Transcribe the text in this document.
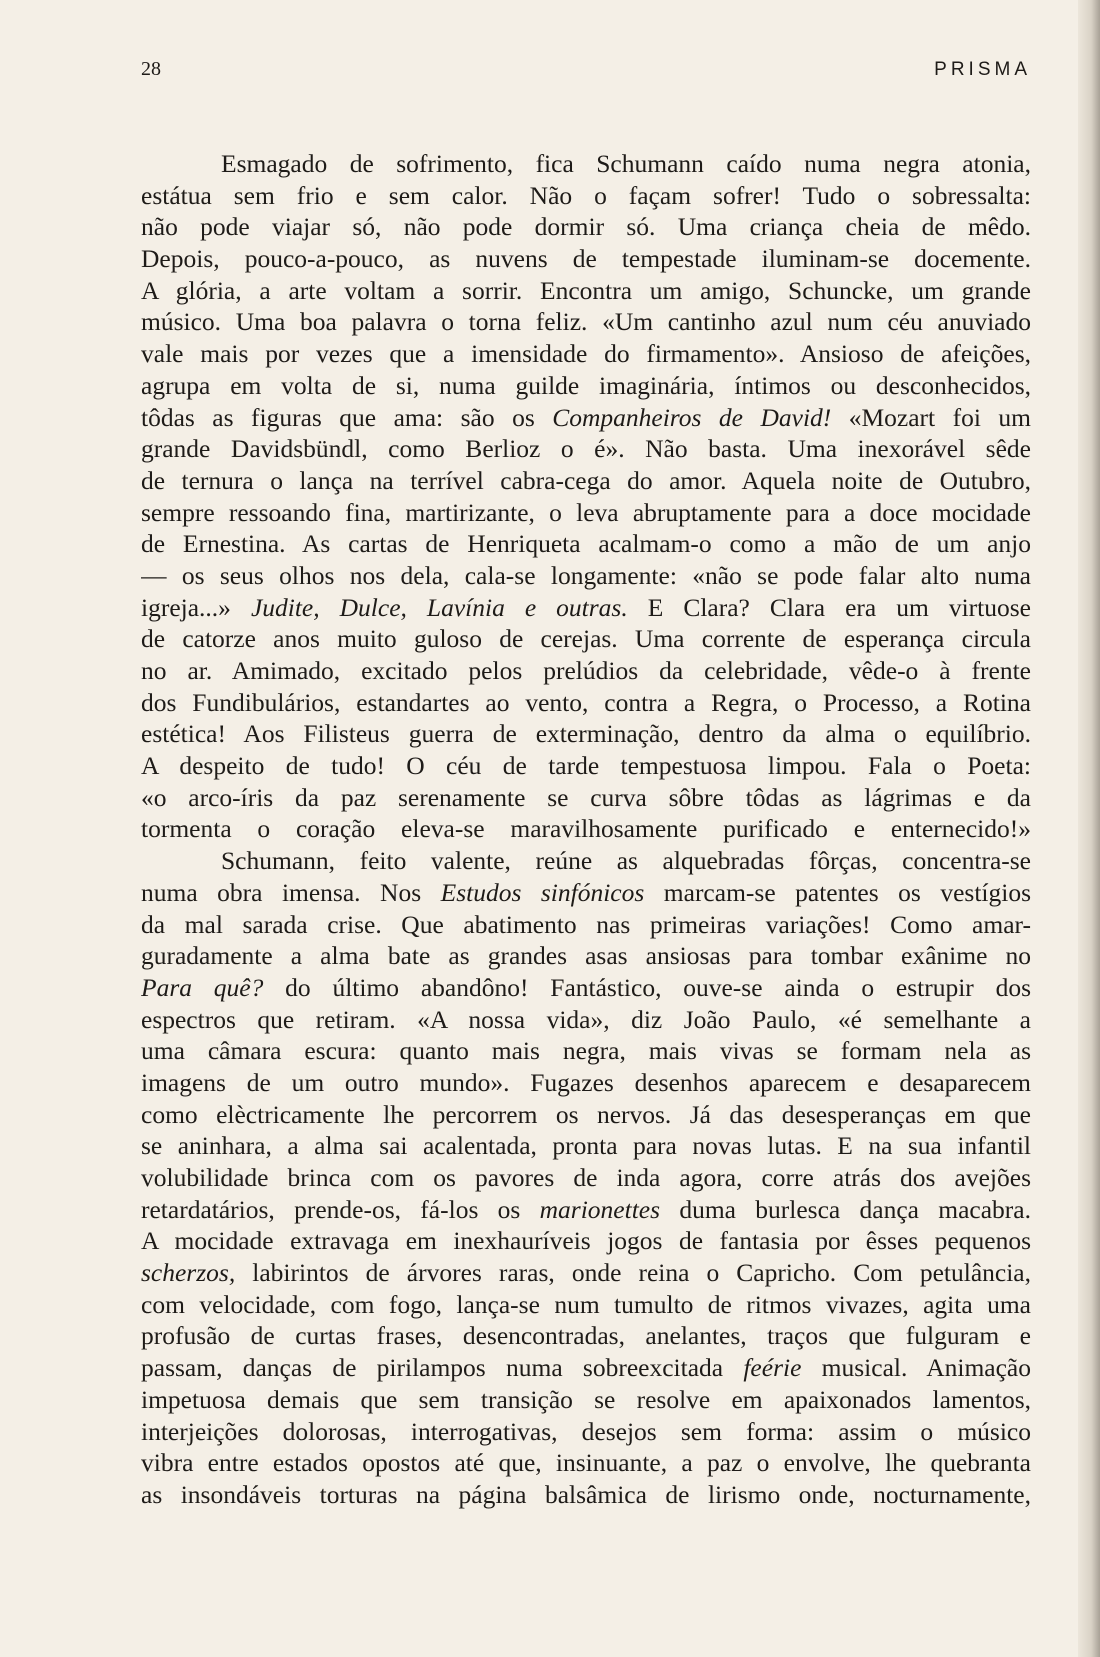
28	PRISMA
Esmagado de sofrimento, fica Schumann caído numa negra atonia,
estátua sem frio e sem calor. Não o façam sofrer! Tudo o sobressalta:
não pode viajar só, não pode dormir só. Uma criança cheia de mêdo.
Depois, pouco-a-pouco, as nuvens de tempestade iluminam-se docemente.
A glória, a arte voltam a sorrir. Encontra um amigo, Schuncke, um grande
músico. Uma boa palavra o torna feliz. «Um cantinho azul num céu anuviado
vale mais por vezes que a imensidade do firmamento». Ansioso de afeições,
agrupa em volta de si, numa guilde imaginária, íntimos ou desconhecidos,
tôdas as figuras que ama: são os Companheiros de David! «Mozart foi um
grande Davidsbündl, como Berlioz o é». Não basta. Uma inexorável sêde
de ternura o lança na terrível cabra-cega do amor. Aquela noite de Outubro,
sempre ressoando fina, martirizante, o leva abruptamente para a doce mocidade
de Ernestina. As cartas de Henriqueta acalmam-o como a mão de um anjo
— os seus olhos nos dela, cala-se longamente: «não se pode falar alto numa
igreja...» Judite, Dulce, Lavínia e outras. E Clara? Clara era um virtuose
de catorze anos muito guloso de cerejas. Uma corrente de esperança circula
no ar. Amimado, excitado pelos prelúdios da celebridade, vêde-o à frente
dos Fundibulários, estandartes ao vento, contra a Regra, o Processo, a Rotina
estética! Aos Filisteus guerra de exterminação, dentro da alma o equilíbrio.
A despeito de tudo! O céu de tarde tempestuosa limpou. Fala o Poeta:
«o arco-íris da paz serenamente se curva sôbre tôdas as lágrimas e da
tormenta o coração eleva-se maravilhosamente purificado e enternecido!»
Schumann, feito valente, reúne as alquebradas fôrças, concentra-se
numa obra imensa. Nos Estudos sinfónicos marcam-se patentes os vestígios
da mal sarada crise. Que abatimento nas primeiras variações! Como amar-
guradamente a alma bate as grandes asas ansiosas para tombar exânime no
Para quê? do último abandôno! Fantástico, ouve-se ainda o estrupir dos
espectros que retiram. «A nossa vida», diz João Paulo, «é semelhante a
uma câmara escura: quanto mais negra, mais vivas se formam nela as
imagens de um outro mundo». Fugazes desenhos aparecem e desaparecem
como elèctricamente lhe percorrem os nervos. Já das desesperanças em que
se aninhara, a alma sai acalentada, pronta para novas lutas. E na sua infantil
volubilidade brinca com os pavores de inda agora, corre atrás dos avejões
retardatários, prende-os, fá-los os marionettes duma burlesca dança macabra.
A mocidade extravaga em inexhauríveis jogos de fantasia por êsses pequenos
scherzos, labirintos de árvores raras, onde reina o Capricho. Com petulância,
com velocidade, com fogo, lança-se num tumulto de ritmos vivazes, agita uma
profusão de curtas frases, desencontradas, anelantes, traços que fulguram e
passam, danças de pirilampos numa sobreexcitada feérie musical. Animação
impetuosa demais que sem transição se resolve em apaixonados lamentos,
interjeições dolorosas, interrogativas, desejos sem forma: assim o músico
vibra entre estados opostos até que, insinuante, a paz o envolve, lhe quebranta
as insondáveis torturas na página balsâmica de lirismo onde, nocturnamente,
